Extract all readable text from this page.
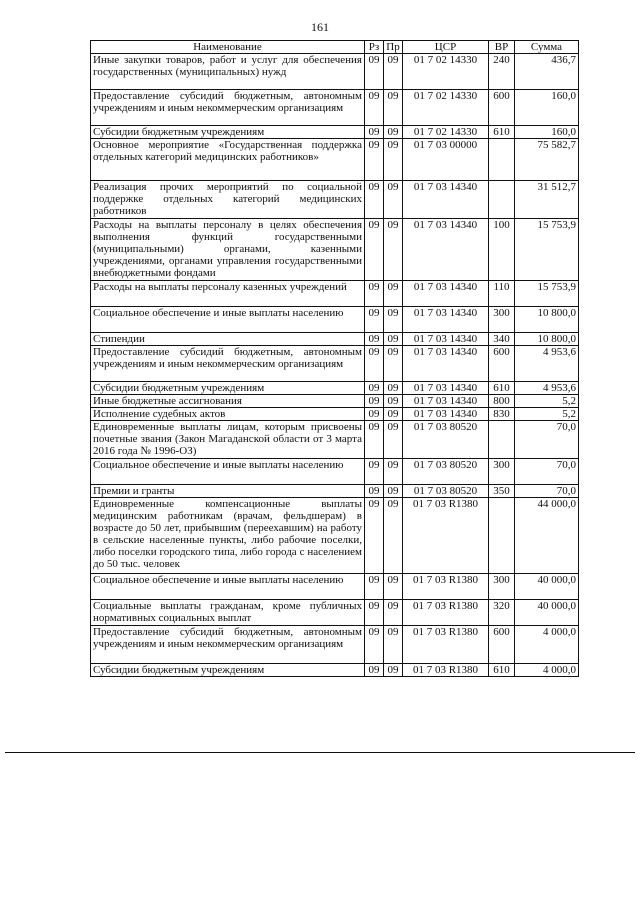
161
Наименование	Рз	Пр	ЦСР	ВР	Сумма
Иные закупки товаров, работ и услуг для обеспечения государственных (муниципальных) нужд	09	09	01 7 02 14330	240	436,7
Предоставление субсидий бюджетным, автономным учреждениям и иным некоммерческим организациям	09	09	01 7 02 14330	600	160,0
Субсидии бюджетным учреждениям	09	09	01 7 02 14330	610	160,0
Основное мероприятие «Государственная поддержка отдельных категорий медицинских работников»	09	09	01 7 03 00000		75 582,7
Реализация прочих мероприятий по социальной поддержке отдельных категорий медицинских работников	09	09	01 7 03 14340		31 512,7
Расходы на выплаты персоналу в целях обеспечения выполнения функций государственными (муниципальными) органами, казенными учреждениями, органами управления государственными внебюджетными фондами	09	09	01 7 03 14340	100	15 753,9
Расходы на выплаты персоналу казенных учреждений	09	09	01 7 03 14340	110	15 753,9
Социальное обеспечение и иные выплаты населению	09	09	01 7 03 14340	300	10 800,0
Стипендии	09	09	01 7 03 14340	340	10 800,0
Предоставление субсидий бюджетным, автономным учреждениям и иным некоммерческим организациям	09	09	01 7 03 14340	600	4 953,6
Субсидии бюджетным учреждениям	09	09	01 7 03 14340	610	4 953,6
Иные бюджетные ассигнования	09	09	01 7 03 14340	800	5,2
Исполнение судебных актов	09	09	01 7 03 14340	830	5,2
Единовременные выплаты лицам, которым присвоены почетные звания (Закон Магаданской области от 3 марта 2016 года № 1996-ОЗ)	09	09	01 7 03 80520		70,0
Социальное обеспечение и иные выплаты населению	09	09	01 7 03 80520	300	70,0
Премии и гранты	09	09	01 7 03 80520	350	70,0
Единовременные компенсационные выплаты медицинским работникам (врачам, фельдшерам) в возрасте до 50 лет, прибывшим (переехавшим) на работу в сельские населенные пункты, либо рабочие поселки, либо поселки городского типа, либо города с населением до 50 тыс. человек	09	09	01 7 03 R1380		44 000,0
Социальное обеспечение и иные выплаты населению	09	09	01 7 03 R1380	300	40 000,0
Социальные выплаты гражданам, кроме публичных нормативных социальных выплат	09	09	01 7 03 R1380	320	40 000,0
Предоставление субсидий бюджетным, автономным учреждениям и иным некоммерческим организациям	09	09	01 7 03 R1380	600	4 000,0
Субсидии бюджетным учреждениям	09	09	01 7 03 R1380	610	4 000,0
